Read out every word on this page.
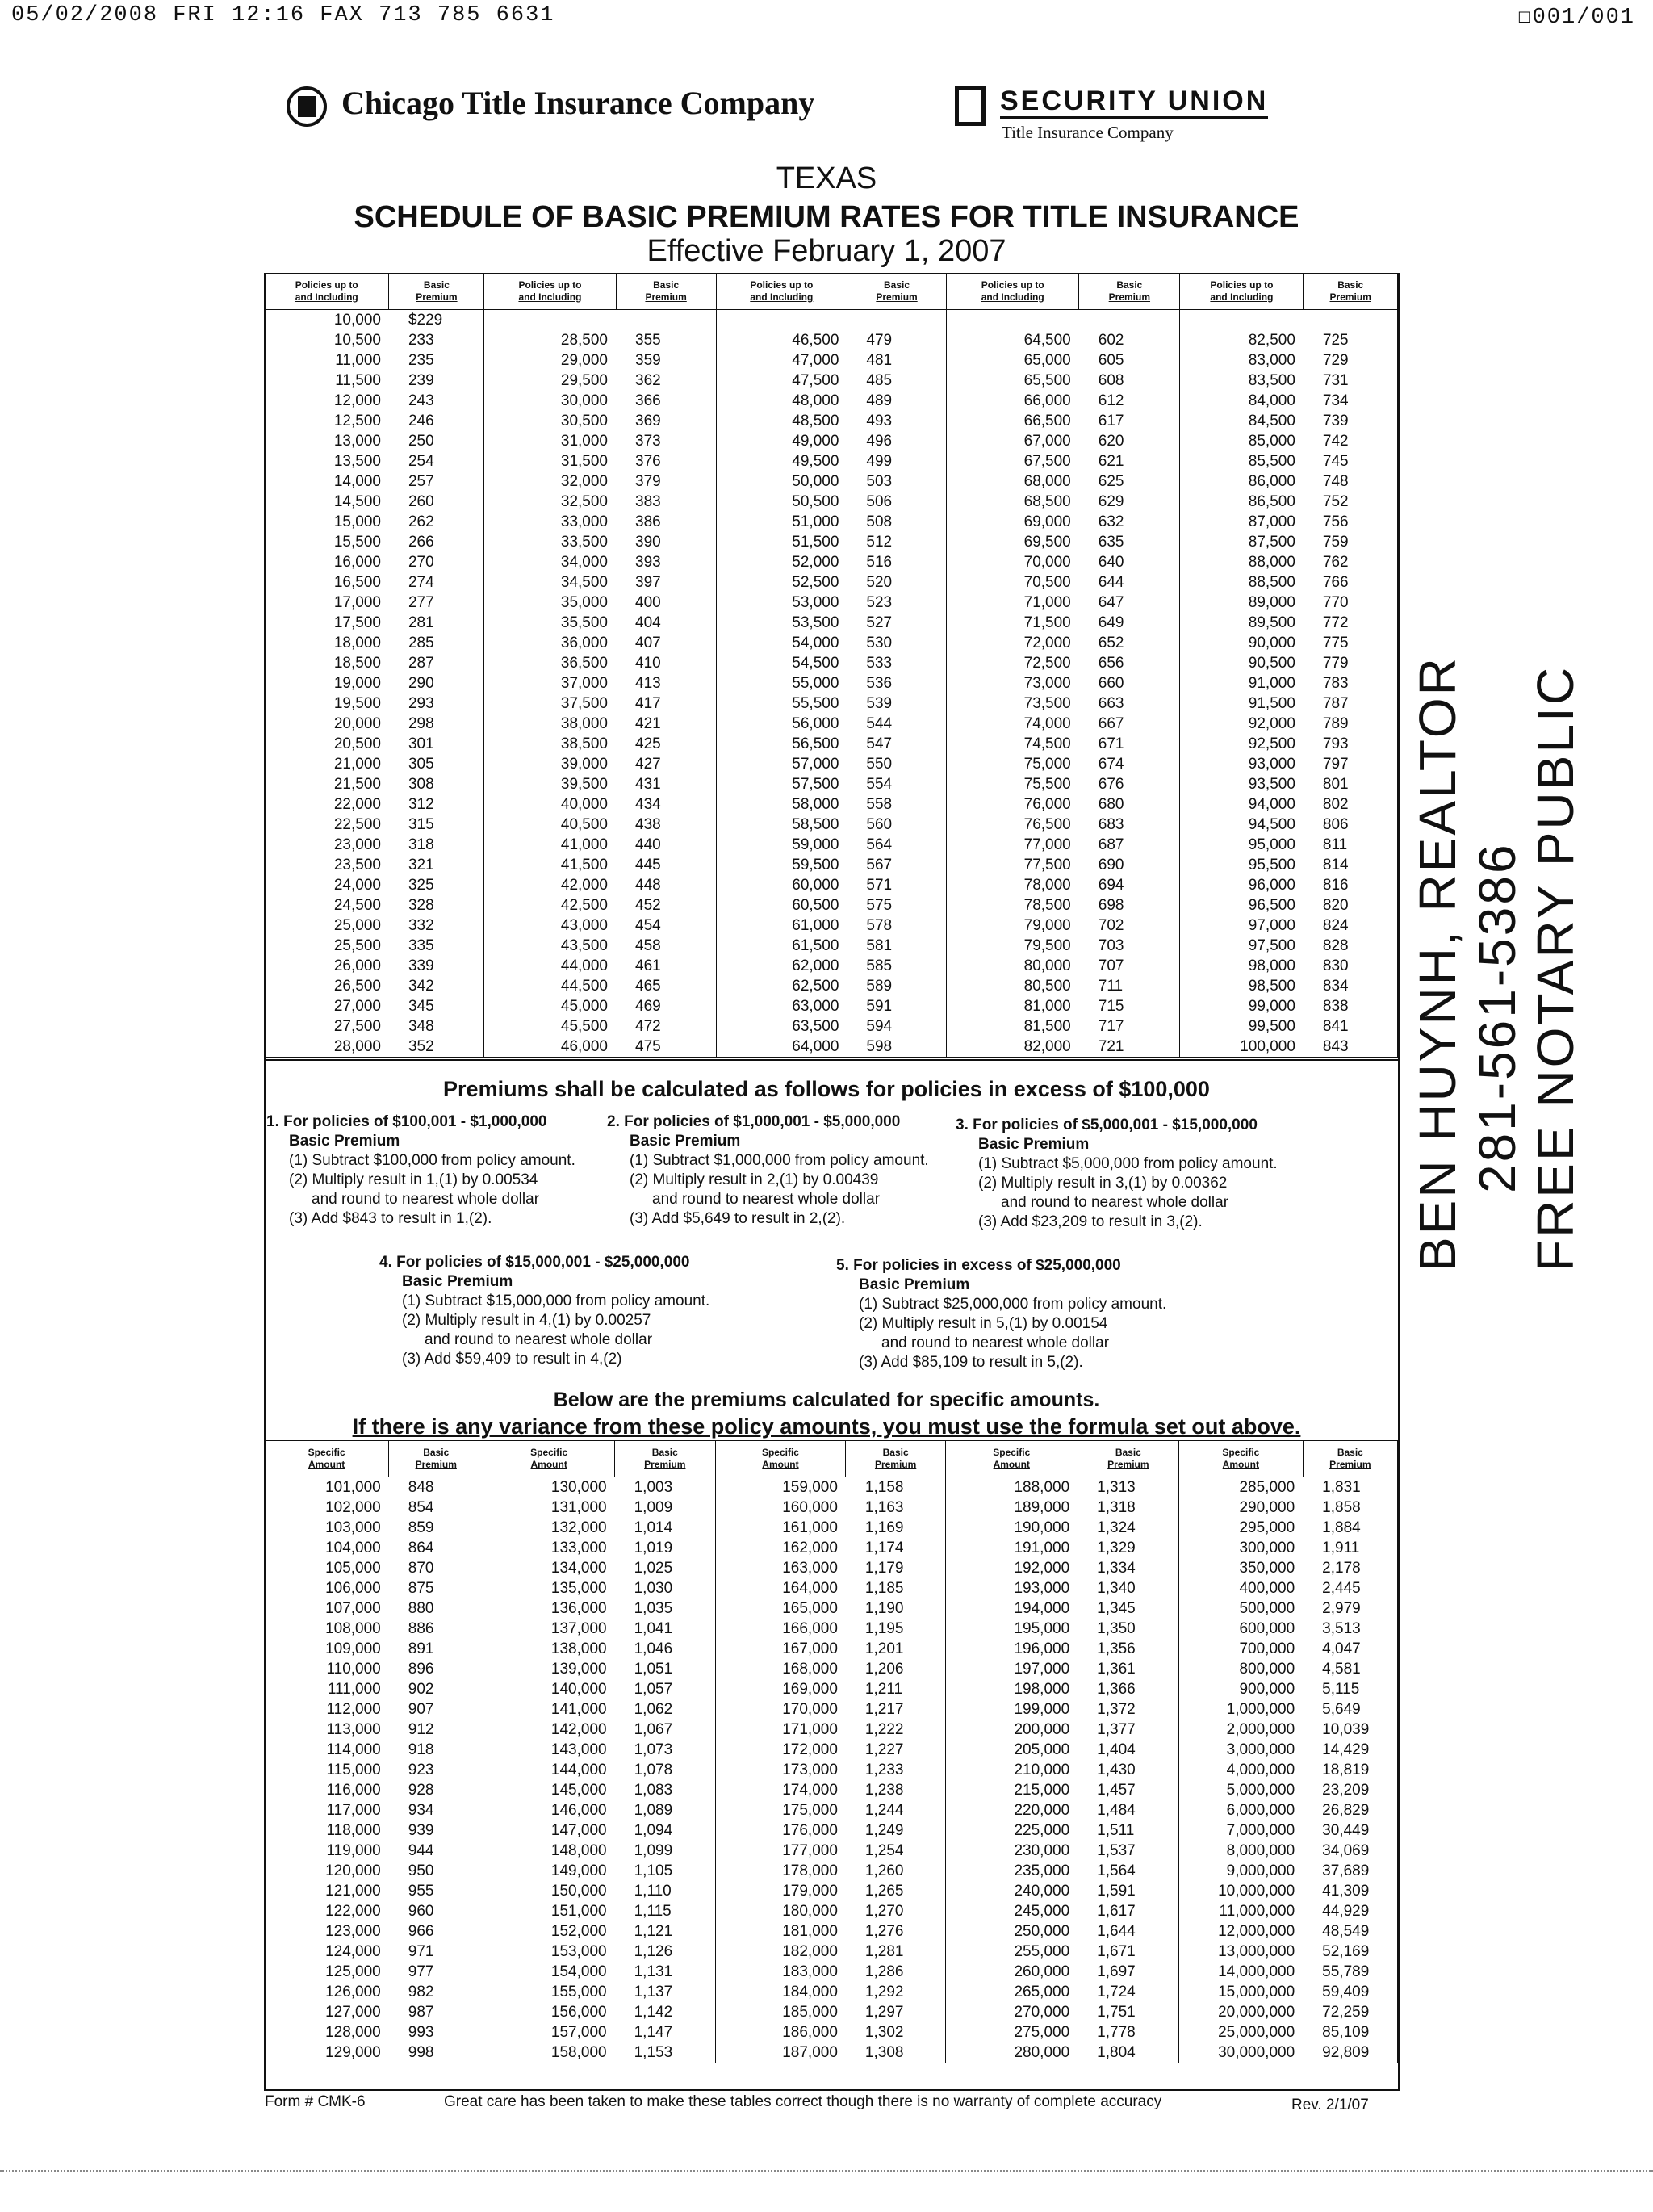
05/02/2008 FRI 12:16 FAX 713 785 6631	☐001/001
Chicago Title Insurance Company	SECURITY UNION
Title Insurance Company
TEXAS
SCHEDULE OF BASIC PREMIUM RATES FOR TITLE INSURANCE
Effective February 1, 2007
Policies up to
and Including	Basic
Premium	Policies up to
and Including	Basic
Premium	Policies up to
and Including	Basic
Premium	Policies up to
and Including	Basic
Premium	Policies up to
and Including	Basic
Premium
10,000	$229								
10,500	233	28,500	355	46,500	479	64,500	602	82,500	725
11,000	235	29,000	359	47,000	481	65,000	605	83,000	729
11,500	239	29,500	362	47,500	485	65,500	608	83,500	731
12,000	243	30,000	366	48,000	489	66,000	612	84,000	734
12,500	246	30,500	369	48,500	493	66,500	617	84,500	739
13,000	250	31,000	373	49,000	496	67,000	620	85,000	742
13,500	254	31,500	376	49,500	499	67,500	621	85,500	745
14,000	257	32,000	379	50,000	503	68,000	625	86,000	748
14,500	260	32,500	383	50,500	506	68,500	629	86,500	752
15,000	262	33,000	386	51,000	508	69,000	632	87,000	756
15,500	266	33,500	390	51,500	512	69,500	635	87,500	759
16,000	270	34,000	393	52,000	516	70,000	640	88,000	762
16,500	274	34,500	397	52,500	520	70,500	644	88,500	766
17,000	277	35,000	400	53,000	523	71,000	647	89,000	770
17,500	281	35,500	404	53,500	527	71,500	649	89,500	772
18,000	285	36,000	407	54,000	530	72,000	652	90,000	775
18,500	287	36,500	410	54,500	533	72,500	656	90,500	779
19,000	290	37,000	413	55,000	536	73,000	660	91,000	783
19,500	293	37,500	417	55,500	539	73,500	663	91,500	787
20,000	298	38,000	421	56,000	544	74,000	667	92,000	789
20,500	301	38,500	425	56,500	547	74,500	671	92,500	793
21,000	305	39,000	427	57,000	550	75,000	674	93,000	797
21,500	308	39,500	431	57,500	554	75,500	676	93,500	801
22,000	312	40,000	434	58,000	558	76,000	680	94,000	802
22,500	315	40,500	438	58,500	560	76,500	683	94,500	806
23,000	318	41,000	440	59,000	564	77,000	687	95,000	811
23,500	321	41,500	445	59,500	567	77,500	690	95,500	814
24,000	325	42,000	448	60,000	571	78,000	694	96,000	816
24,500	328	42,500	452	60,500	575	78,500	698	96,500	820
25,000	332	43,000	454	61,000	578	79,000	702	97,000	824
25,500	335	43,500	458	61,500	581	79,500	703	97,500	828
26,000	339	44,000	461	62,000	585	80,000	707	98,000	830
26,500	342	44,500	465	62,500	589	80,500	711	98,500	834
27,000	345	45,000	469	63,000	591	81,000	715	99,000	838
27,500	348	45,500	472	63,500	594	81,500	717	99,500	841
28,000	352	46,000	475	64,000	598	82,000	721	100,000	843
Premiums shall be calculated as follows for policies in excess of $100,000
1. For policies of $100,001 - $1,000,000
Basic Premium
(1) Subtract $100,000 from policy amount.
(2) Multiply result in 1,(1) by 0.00534
and round to nearest whole dollar
(3) Add $843 to result in 1,(2).
2. For policies of $1,000,001 - $5,000,000
Basic Premium
(1) Subtract $1,000,000 from policy amount.
(2) Multiply result in 2,(1) by 0.00439
and round to nearest whole dollar
(3) Add $5,649 to result in 2,(2).
3. For policies of $5,000,001 - $15,000,000
Basic Premium
(1) Subtract $5,000,000 from policy amount.
(2) Multiply result in 3,(1) by 0.00362
and round to nearest whole dollar
(3) Add $23,209 to result in 3,(2).
4. For policies of $15,000,001 - $25,000,000
Basic Premium
(1) Subtract $15,000,000 from policy amount.
(2) Multiply result in 4,(1) by 0.00257
and round to nearest whole dollar
(3) Add $59,409 to result in 4,(2)
5. For policies in excess of $25,000,000
Basic Premium
(1) Subtract $25,000,000 from policy amount.
(2) Multiply result in 5,(1) by 0.00154
and round to nearest whole dollar
(3) Add $85,109 to result in 5,(2).
Below are the premiums calculated for specific amounts.
If there is any variance from these policy amounts, you must use the formula set out above.
Specific
Amount	Basic
Premium	Specific
Amount	Basic
Premium	Specific
Amount	Basic
Premium	Specific
Amount	Basic
Premium	Specific
Amount	Basic
Premium
101,000	848	130,000	1,003	159,000	1,158	188,000	1,313	285,000	1,831
102,000	854	131,000	1,009	160,000	1,163	189,000	1,318	290,000	1,858
103,000	859	132,000	1,014	161,000	1,169	190,000	1,324	295,000	1,884
104,000	864	133,000	1,019	162,000	1,174	191,000	1,329	300,000	1,911
105,000	870	134,000	1,025	163,000	1,179	192,000	1,334	350,000	2,178
106,000	875	135,000	1,030	164,000	1,185	193,000	1,340	400,000	2,445
107,000	880	136,000	1,035	165,000	1,190	194,000	1,345	500,000	2,979
108,000	886	137,000	1,041	166,000	1,195	195,000	1,350	600,000	3,513
109,000	891	138,000	1,046	167,000	1,201	196,000	1,356	700,000	4,047
110,000	896	139,000	1,051	168,000	1,206	197,000	1,361	800,000	4,581
111,000	902	140,000	1,057	169,000	1,211	198,000	1,366	900,000	5,115
112,000	907	141,000	1,062	170,000	1,217	199,000	1,372	1,000,000	5,649
113,000	912	142,000	1,067	171,000	1,222	200,000	1,377	2,000,000	10,039
114,000	918	143,000	1,073	172,000	1,227	205,000	1,404	3,000,000	14,429
115,000	923	144,000	1,078	173,000	1,233	210,000	1,430	4,000,000	18,819
116,000	928	145,000	1,083	174,000	1,238	215,000	1,457	5,000,000	23,209
117,000	934	146,000	1,089	175,000	1,244	220,000	1,484	6,000,000	26,829
118,000	939	147,000	1,094	176,000	1,249	225,000	1,511	7,000,000	30,449
119,000	944	148,000	1,099	177,000	1,254	230,000	1,537	8,000,000	34,069
120,000	950	149,000	1,105	178,000	1,260	235,000	1,564	9,000,000	37,689
121,000	955	150,000	1,110	179,000	1,265	240,000	1,591	10,000,000	41,309
122,000	960	151,000	1,115	180,000	1,270	245,000	1,617	11,000,000	44,929
123,000	966	152,000	1,121	181,000	1,276	250,000	1,644	12,000,000	48,549
124,000	971	153,000	1,126	182,000	1,281	255,000	1,671	13,000,000	52,169
125,000	977	154,000	1,131	183,000	1,286	260,000	1,697	14,000,000	55,789
126,000	982	155,000	1,137	184,000	1,292	265,000	1,724	15,000,000	59,409
127,000	987	156,000	1,142	185,000	1,297	270,000	1,751	20,000,000	72,259
128,000	993	157,000	1,147	186,000	1,302	275,000	1,778	25,000,000	85,109
129,000	998	158,000	1,153	187,000	1,308	280,000	1,804	30,000,000	92,809
Form # CMK-6	Great care has been taken to make these tables correct though there is no warranty of complete accuracy	Rev. 2/1/07
BEN HUYNH, REALTOR 281-561-5386 FREE NOTARY PUBLIC
